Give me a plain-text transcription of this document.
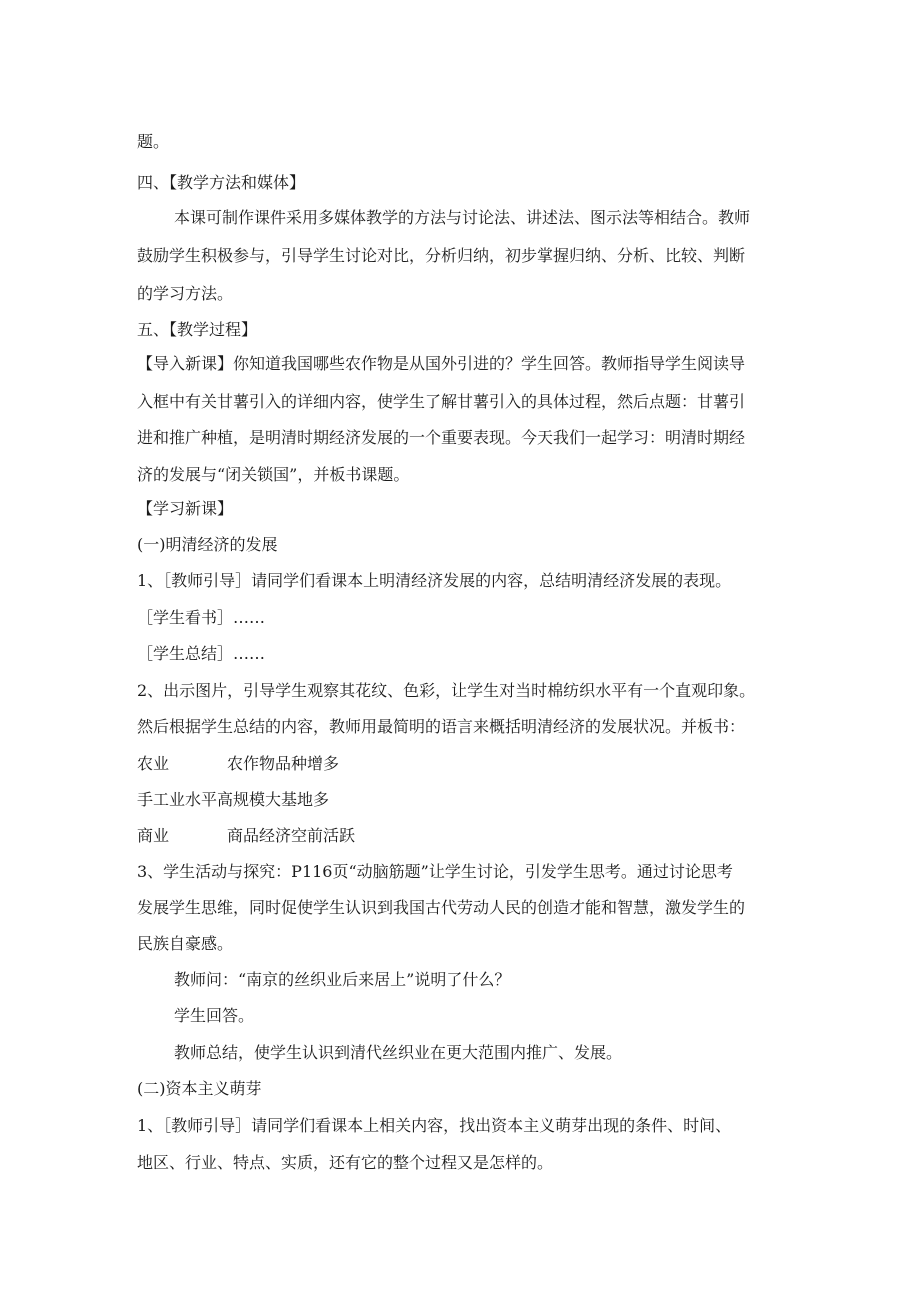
题。
四、【教学方法和媒体】
本课可制作课件采用多媒体教学的方法与讨论法、讲述法、图示法等相结合。教师
鼓励学生积极参与，引导学生讨论对比，分析归纳，初步掌握归纳、分析、比较、判断
的学习方法。
五、【教学过程】
【导入新课】你知道我国哪些农作物是从国外引进的？学生回答。教师指导学生阅读导
入框中有关甘薯引入的详细内容，使学生了解甘薯引入的具体过程，然后点题：甘薯引
进和推广种植，是明清时期经济发展的一个重要表现。今天我们一起学习：明清时期经
济的发展与“闭关锁国”，并板书课题。
【学习新课】
(一)明清经济的发展
1、［教师引导］请同学们看课本上明清经济发展的内容，总结明清经济发展的表现。
［学生看书］……
［学生总结］……
2、出示图片，引导学生观察其花纹、色彩，让学生对当时棉纺织水平有一个直观印象。
然后根据学生总结的内容，教师用最简明的语言来概括明清经济的发展状况。并板书：
农业	农作物品种增多
手工业水平高规模大基地多
商业	商品经济空前活跃
3、学生活动与探究：P116页“动脑筋题”让学生讨论，引发学生思考。通过讨论思考
发展学生思维，同时促使学生认识到我国古代劳动人民的创造才能和智慧，激发学生的
民族自豪感。
教师问：“南京的丝织业后来居上”说明了什么？
学生回答。
教师总结，使学生认识到清代丝织业在更大范围内推广、发展。
(二)资本主义萌芽
1、［教师引导］请同学们看课本上相关内容，找出资本主义萌芽出现的条件、时间、
地区、行业、特点、实质，还有它的整个过程又是怎样的。
